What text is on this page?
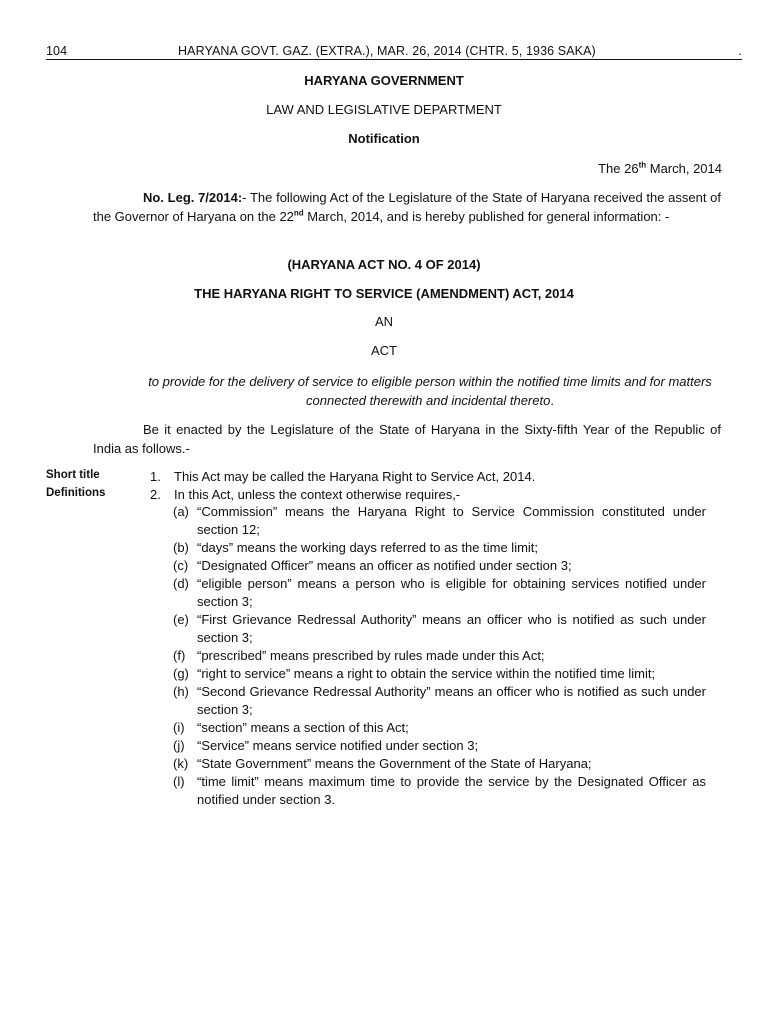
104	HARYANA GOVT. GAZ. (EXTRA.), MAR. 26, 2014 (CHTR. 5, 1936 SAKA)	.
HARYANA GOVERNMENT
LAW AND LEGISLATIVE DEPARTMENT
Notification
The 26th March, 2014
No. Leg. 7/2014:- The following Act of the Legislature of the State of Haryana received the assent of the Governor of Haryana on the 22nd March, 2014, and is hereby published for general information: -
(HARYANA ACT NO. 4 OF 2014)
THE HARYANA RIGHT TO SERVICE (AMENDMENT) ACT, 2014
AN
ACT
to provide for the delivery of service to eligible person within the notified time limits and for matters connected therewith and incidental thereto.
Be it enacted by the Legislature of the State of Haryana in the Sixty-fifth Year of the Republic of India as follows.-
Short title
Definitions
1. This Act may be called the Haryana Right to Service Act, 2014.
2. In this Act, unless the context otherwise requires,-
(a) “Commission” means the Haryana Right to Service Commission constituted under section 12;
(b) “days” means the working days referred to as the time limit;
(c) “Designated Officer” means an officer as notified under section 3;
(d) “eligible person” means a person who is eligible for obtaining services notified under section 3;
(e) “First Grievance Redressal Authority” means an officer who is notified as such under section 3;
(f) “prescribed” means prescribed by rules made under this Act;
(g) “right to service” means a right to obtain the service within the notified time limit;
(h) “Second Grievance Redressal Authority” means an officer who is notified as such under section 3;
(i) “section” means a section of this Act;
(j) “Service” means service notified under section 3;
(k) “State Government” means the Government of the State of Haryana;
(l) “time limit” means maximum time to provide the service by the Designated Officer as notified under section 3.
